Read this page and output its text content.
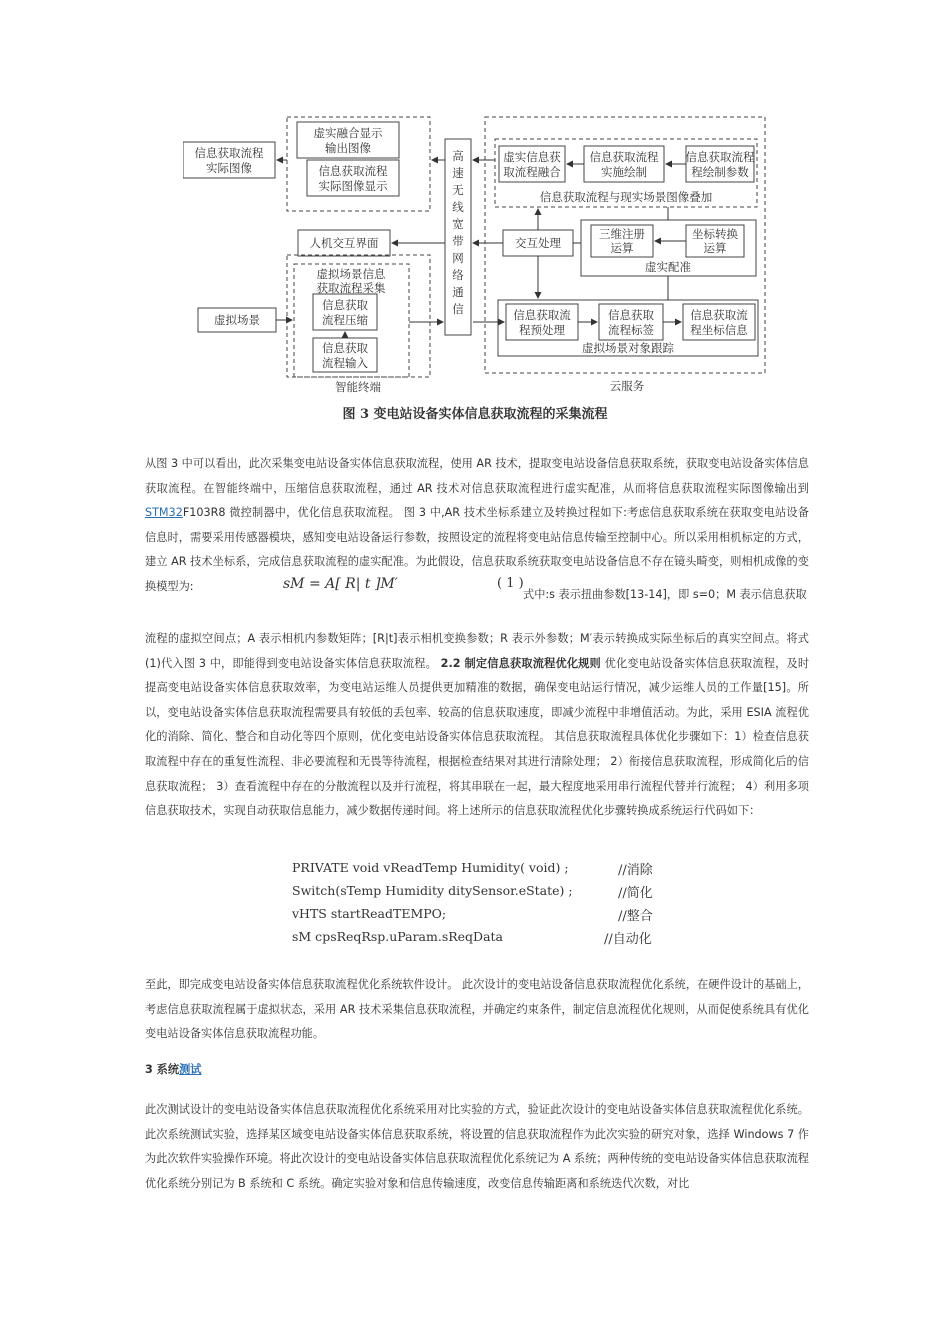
信息获取流程
实际图像
虚实融合显示
输出图像
信息获取流程
实际图像显示
高
速
无
线
宽
带
网
络
通
信
虚实信息获
取流程融合
信息获取流程
实施绘制
信息获取流程
程绘制参数
信息获取流程与现实场景图像叠加
人机交互界面	交互处理
三维注册
运算
坐标转换
运算
虚实配准
虚拟场景信息
获取流程采集
信息获取
流程压缩
虚拟场景
信息获取
流程输入
智能终端
信息获取流
程预处理
信息获取
流程标签
信息获取流
程坐标信息
虚拟场景对象跟踪
云服务
图 3 变电站设备实体信息获取流程的采集流程

从图 3 中可以看出，此次采集变电站设备实体信息获取流程，使用 AR 技术，提取变电站设备信息获取系统，获取变电站设备实体信息获取流程。在智能终端中，压缩信息获取流程，通过 AR 技术对信息获取流程进行虚实配准，从而将信息获取流程实际图像输出到STM32F103R8 微控制器中，优化信息获取流程。 图 3 中,AR 技术坐标系建立及转换过程如下:考虑信息获取系统在获取变电站设备信息时，需要采用传感器模块，感知变电站设备运行参数，按照设定的流程将变电站信息传输至控制中心。所以采用相机标定的方式，建立 AR 技术坐标系，完成信息获取流程的虚实配准。为此假设，信息获取系统获取变电站设备信息不存在镜头畸变，则相机成像的变换模型为:	sM = A[ R| t ]M′	( 1 )
式中:s 表示扭曲参数[13-14]，即 s=0；M 表示信息获取

流程的虚拟空间点；A 表示相机内参数矩阵；[R|t]表示相机变换参数；R 表示外参数；M′表示转换成实际坐标后的真实空间点。将式(1)代入图 3 中，即能得到变电站设备实体信息获取流程。 2.2 制定信息获取流程优化规则 优化变电站设备实体信息获取流程，及时提高变电站设备实体信息获取效率，为变电站运维人员提供更加精准的数据，确保变电站运行情况，减少运维人员的工作量[15]。所以，变电站设备实体信息获取流程需要具有较低的丢包率、较高的信息获取速度，即减少流程中非增值活动。为此，采用 ESIA 流程优化的消除、简化、整合和自动化等四个原则，优化变电站设备实体信息获取流程。 其信息获取流程具体优化步骤如下：1）检查信息获取流程中存在的重复性流程、非必要流程和无畏等待流程，根据检查结果对其进行清除处理； 2）衔接信息获取流程，形成简化后的信息获取流程； 3）查看流程中存在的分散流程以及并行流程，将其串联在一起，最大程度地采用串行流程代替并行流程； 4）利用多项信息获取技术，实现自动获取信息能力，减少数据传递时间。将上述所示的信息获取流程优化步骤转换成系统运行代码如下：

PRIVATE void vReadTemp Humidity( void) ;	//消除
Switch(sTemp Humidity ditySensor.eState) ;	//简化
vHTS startReadTEMPO;	//整合
sM cpsReqRsp.uParam.sReqData	//自动化

至此，即完成变电站设备实体信息获取流程优化系统软件设计。 此次设计的变电站设备信息获取流程优化系统，在硬件设计的基础上，考虑信息获取流程属于虚拟状态，采用 AR 技术采集信息获取流程，并确定约束条件，制定信息流程优化规则，从而促使系统具有优化变电站设备实体信息获取流程功能。

3 系统测试

此次测试设计的变电站设备实体信息获取流程优化系统采用对比实验的方式，验证此次设计的变电站设备实体信息获取流程优化系统。此次系统测试实验，选择某区域变电站设备实体信息获取系统，将设置的信息获取流程作为此次实验的研究对象，选择 Windows 7 作为此次软件实验操作环境。将此次设计的变电站设备实体信息获取流程优化系统记为 A 系统；两种传统的变电站设备实体信息获取流程优化系统分别记为 B 系统和 C 系统。确定实验对象和信息传输速度，改变信息传输距离和系统迭代次数，对比
